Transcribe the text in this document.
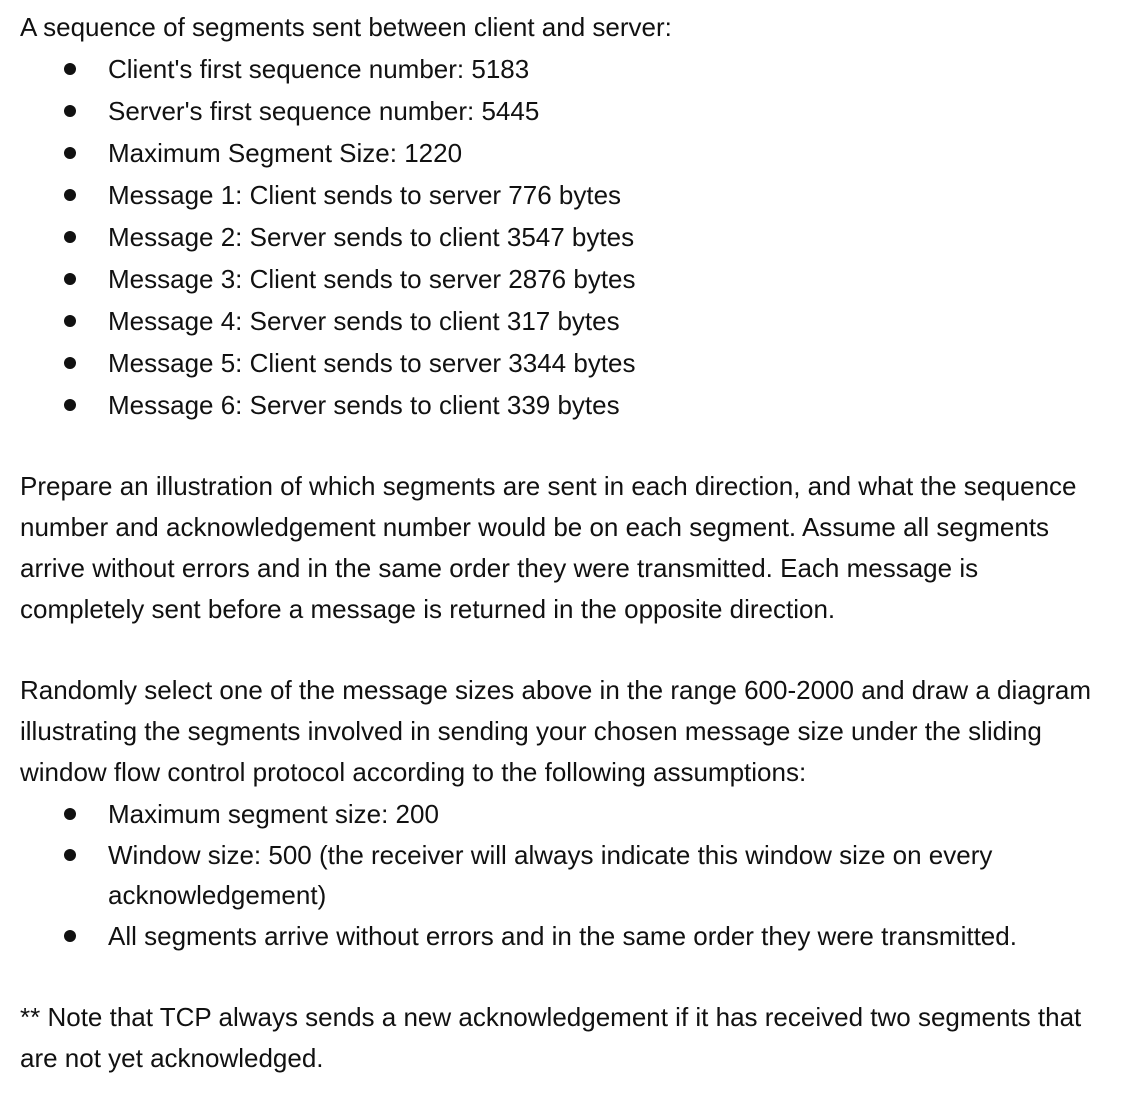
A sequence of segments sent between client and server:
Client's first sequence number: 5183
Server's first sequence number: 5445
Maximum Segment Size: 1220
Message 1: Client sends to server 776 bytes
Message 2: Server sends to client 3547 bytes
Message 3: Client sends to server 2876 bytes
Message 4: Server sends to client 317 bytes
Message 5: Client sends to server 3344 bytes
Message 6: Server sends to client 339 bytes
Prepare an illustration of which segments are sent in each direction, and what the sequence
number and acknowledgement number would be on each segment. Assume all segments
arrive without errors and in the same order they were transmitted. Each message is
completely sent before a message is returned in the opposite direction.
Randomly select one of the message sizes above in the range 600-2000 and draw a diagram
illustrating the segments involved in sending your chosen message size under the sliding
window flow control protocol according to the following assumptions:
Maximum segment size: 200
Window size: 500 (the receiver will always indicate this window size on every acknowledgement)
All segments arrive without errors and in the same order they were transmitted.
** Note that TCP always sends a new acknowledgement if it has received two segments that
are not yet acknowledged.
